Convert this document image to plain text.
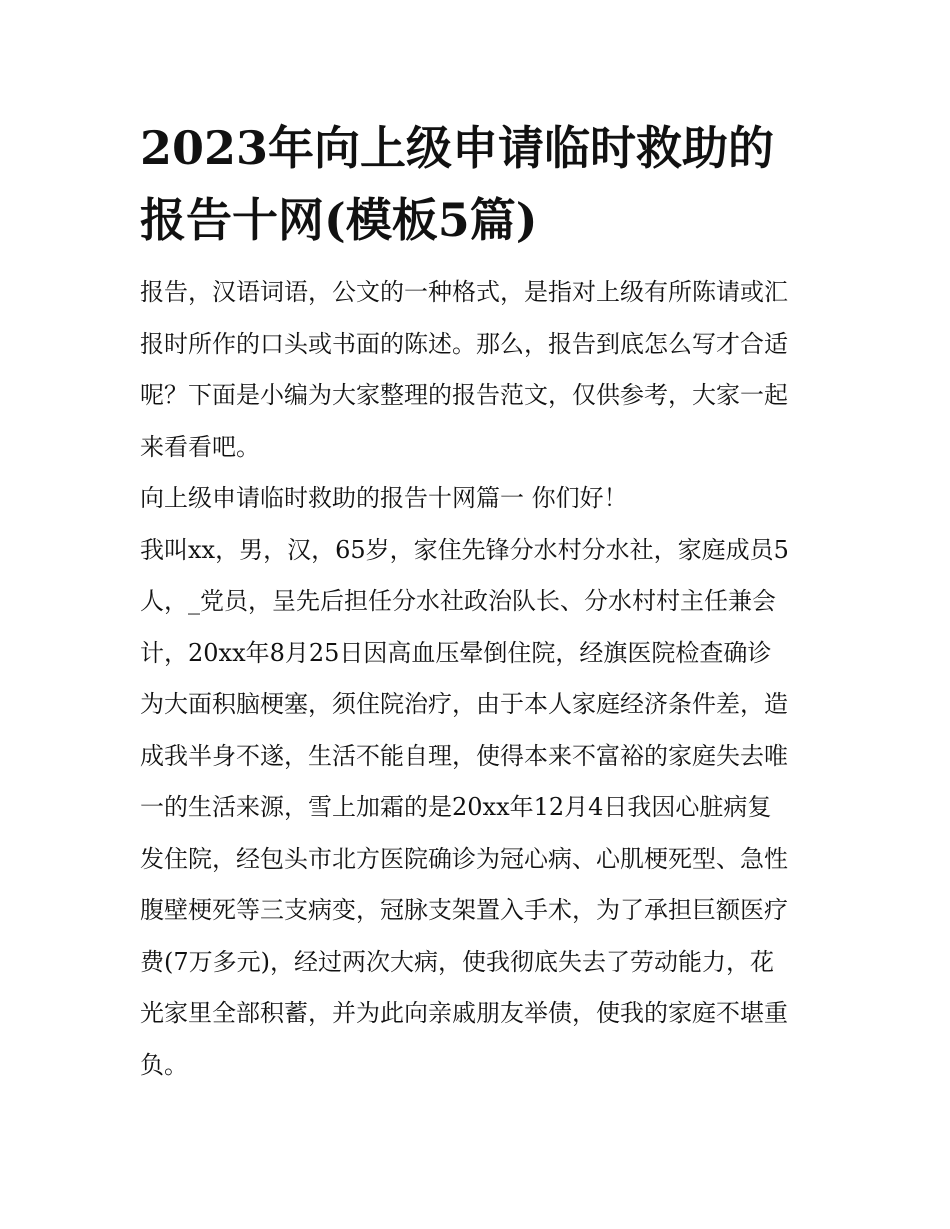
2023年向上级申请临时救助的
报告十网(模板5篇)

报告，汉语词语，公文的一种格式，是指对上级有所陈请或汇
报时所作的口头或书面的陈述。那么，报告到底怎么写才合适
呢？下面是小编为大家整理的报告范文，仅供参考，大家一起
来看看吧。

向上级申请临时救助的报告十网篇一 你们好！

我叫xx，男，汉，65岁，家住先锋分水村分水社，家庭成员5
人，_党员，呈先后担任分水社政治队长、分水村村主任兼会
计，20xx年8月25日因高血压晕倒住院，经旗医院检查确诊
为大面积脑梗塞，须住院治疗，由于本人家庭经济条件差，造
成我半身不遂，生活不能自理，使得本来不富裕的家庭失去唯
一的生活来源，雪上加霜的是20xx年12月4日我因心脏病复
发住院，经包头市北方医院确诊为冠心病、心肌梗死型、急性
腹壁梗死等三支病变，冠脉支架置入手术，为了承担巨额医疗
费(7万多元)，经过两次大病，使我彻底失去了劳动能力，花
光家里全部积蓄，并为此向亲戚朋友举债，使我的家庭不堪重
负。
